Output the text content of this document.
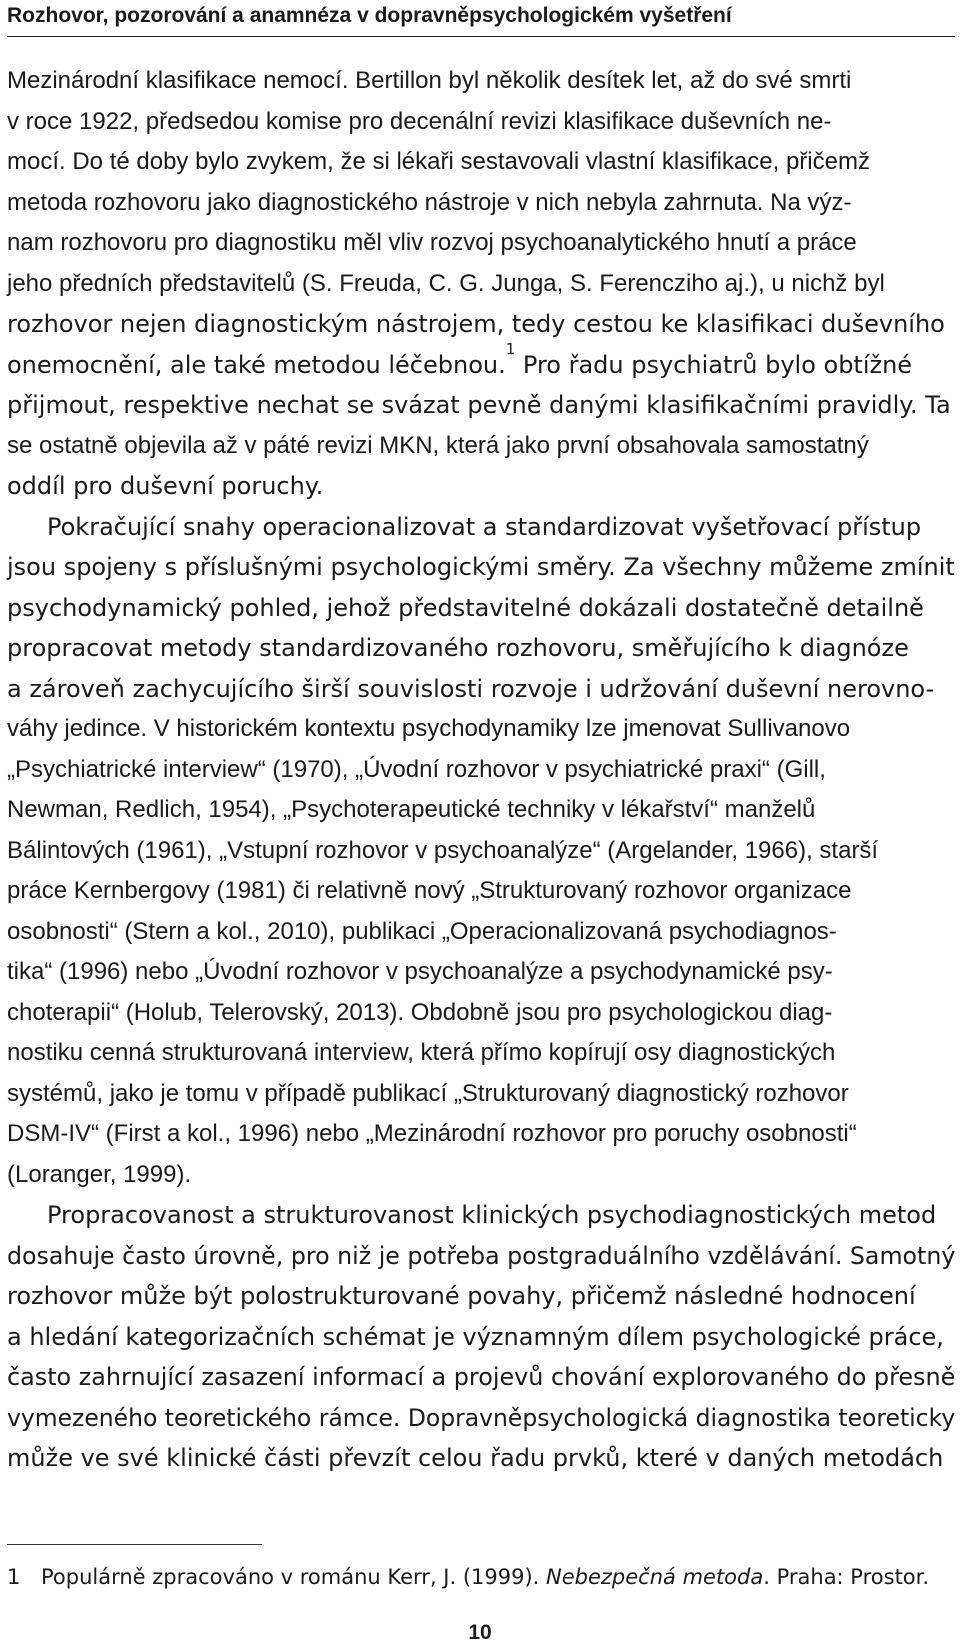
Rozhovor, pozorování a anamnéza v dopravněpsychologickém vyšetření
Mezinárodní klasifikace nemocí. Bertillon byl několik desítek let, až do své smrti
v roce 1922, předsedou komise pro decenální revizi klasifikace duševních ne-
mocí. Do té doby bylo zvykem, že si lékaři sestavovali vlastní klasifikace, přičemž
metoda rozhovoru jako diagnostického nástroje v nich nebyla zahrnuta. Na výz-
nam rozhovoru pro diagnostiku měl vliv rozvoj psychoanalytického hnutí a práce
jeho předních představitelů (S. Freuda, C. G. Junga, S. Ferencziho aj.), u nichž byl
rozhovor nejen diagnostickým nástrojem, tedy cestou ke klasifikaci duševního
onemocnění, ale také metodou léčebnou.$^1$ Pro řadu psychiatrů bylo obtížné
přijmout, respektive nechat se svázat pevně danými klasifikačními pravidly. Ta
se ostatně objevila až v páté revizi MKN, která jako první obsahovala samostatný
oddíl pro duševní poruchy.
Pokračující snahy operacionalizovat a standardizovat vyšetřovací přístup
jsou spojeny s příslušnými psychologickými směry. Za všechny můžeme zmínit
psychodynamický pohled, jehož představitelné dokázali dostatečně detailně
propracovat metody standardizovaného rozhovoru, směřujícího k diagnóze
a zároveň zachycujícího širší souvislosti rozvoje i udržování duševní nerovno-
váhy jedince. V historickém kontextu psychodynamiky lze jmenovat Sullivanovo
„Psychiatrické interview“ (1970), „Úvodní rozhovor v psychiatrické praxi“ (Gill,
Newman, Redlich, 1954), „Psychoterapeutické techniky v lékařství“ manželů
Bálintových (1961), „Vstupní rozhovor v psychoanalýze“ (Argelander, 1966), starší
práce Kernbergovy (1981) či relativně nový „Strukturovaný rozhovor organizace
osobnosti“ (Stern a kol., 2010), publikaci „Operacionalizovaná psychodiagnos-
tika“ (1996) nebo „Úvodní rozhovor v psychoanalýze a psychodynamické psy-
choterapii“ (Holub, Telerovský, 2013). Obdobně jsou pro psychologickou diag-
nostiku cenná strukturovaná interview, která přímo kopírují osy diagnostických
systémů, jako je tomu v případě publikací „Strukturovaný diagnostický rozhovor
DSM-IV“ (First a kol., 1996) nebo „Mezinárodní rozhovor pro poruchy osobnosti“
(Loranger, 1999).
Propracovanost a strukturovanost klinických psychodiagnostických metod
dosahuje často úrovně, pro niž je potřeba postgraduálního vzdělávání. Samotný
rozhovor může být polostrukturované povahy, přičemž následné hodnocení
a hledání kategorizačních schémat je významným dílem psychologické práce,
často zahrnující zasazení informací a projevů chování explorovaného do přesně
vymezeného teoretického rámce. Dopravněpsychologická diagnostika teoreticky
může ve své klinické části převzít celou řadu prvků, které v daných metodách
1 Populárně zpracováno v románu Kerr, J. (1999). Nebezpečná metoda. Praha: Prostor.
10
